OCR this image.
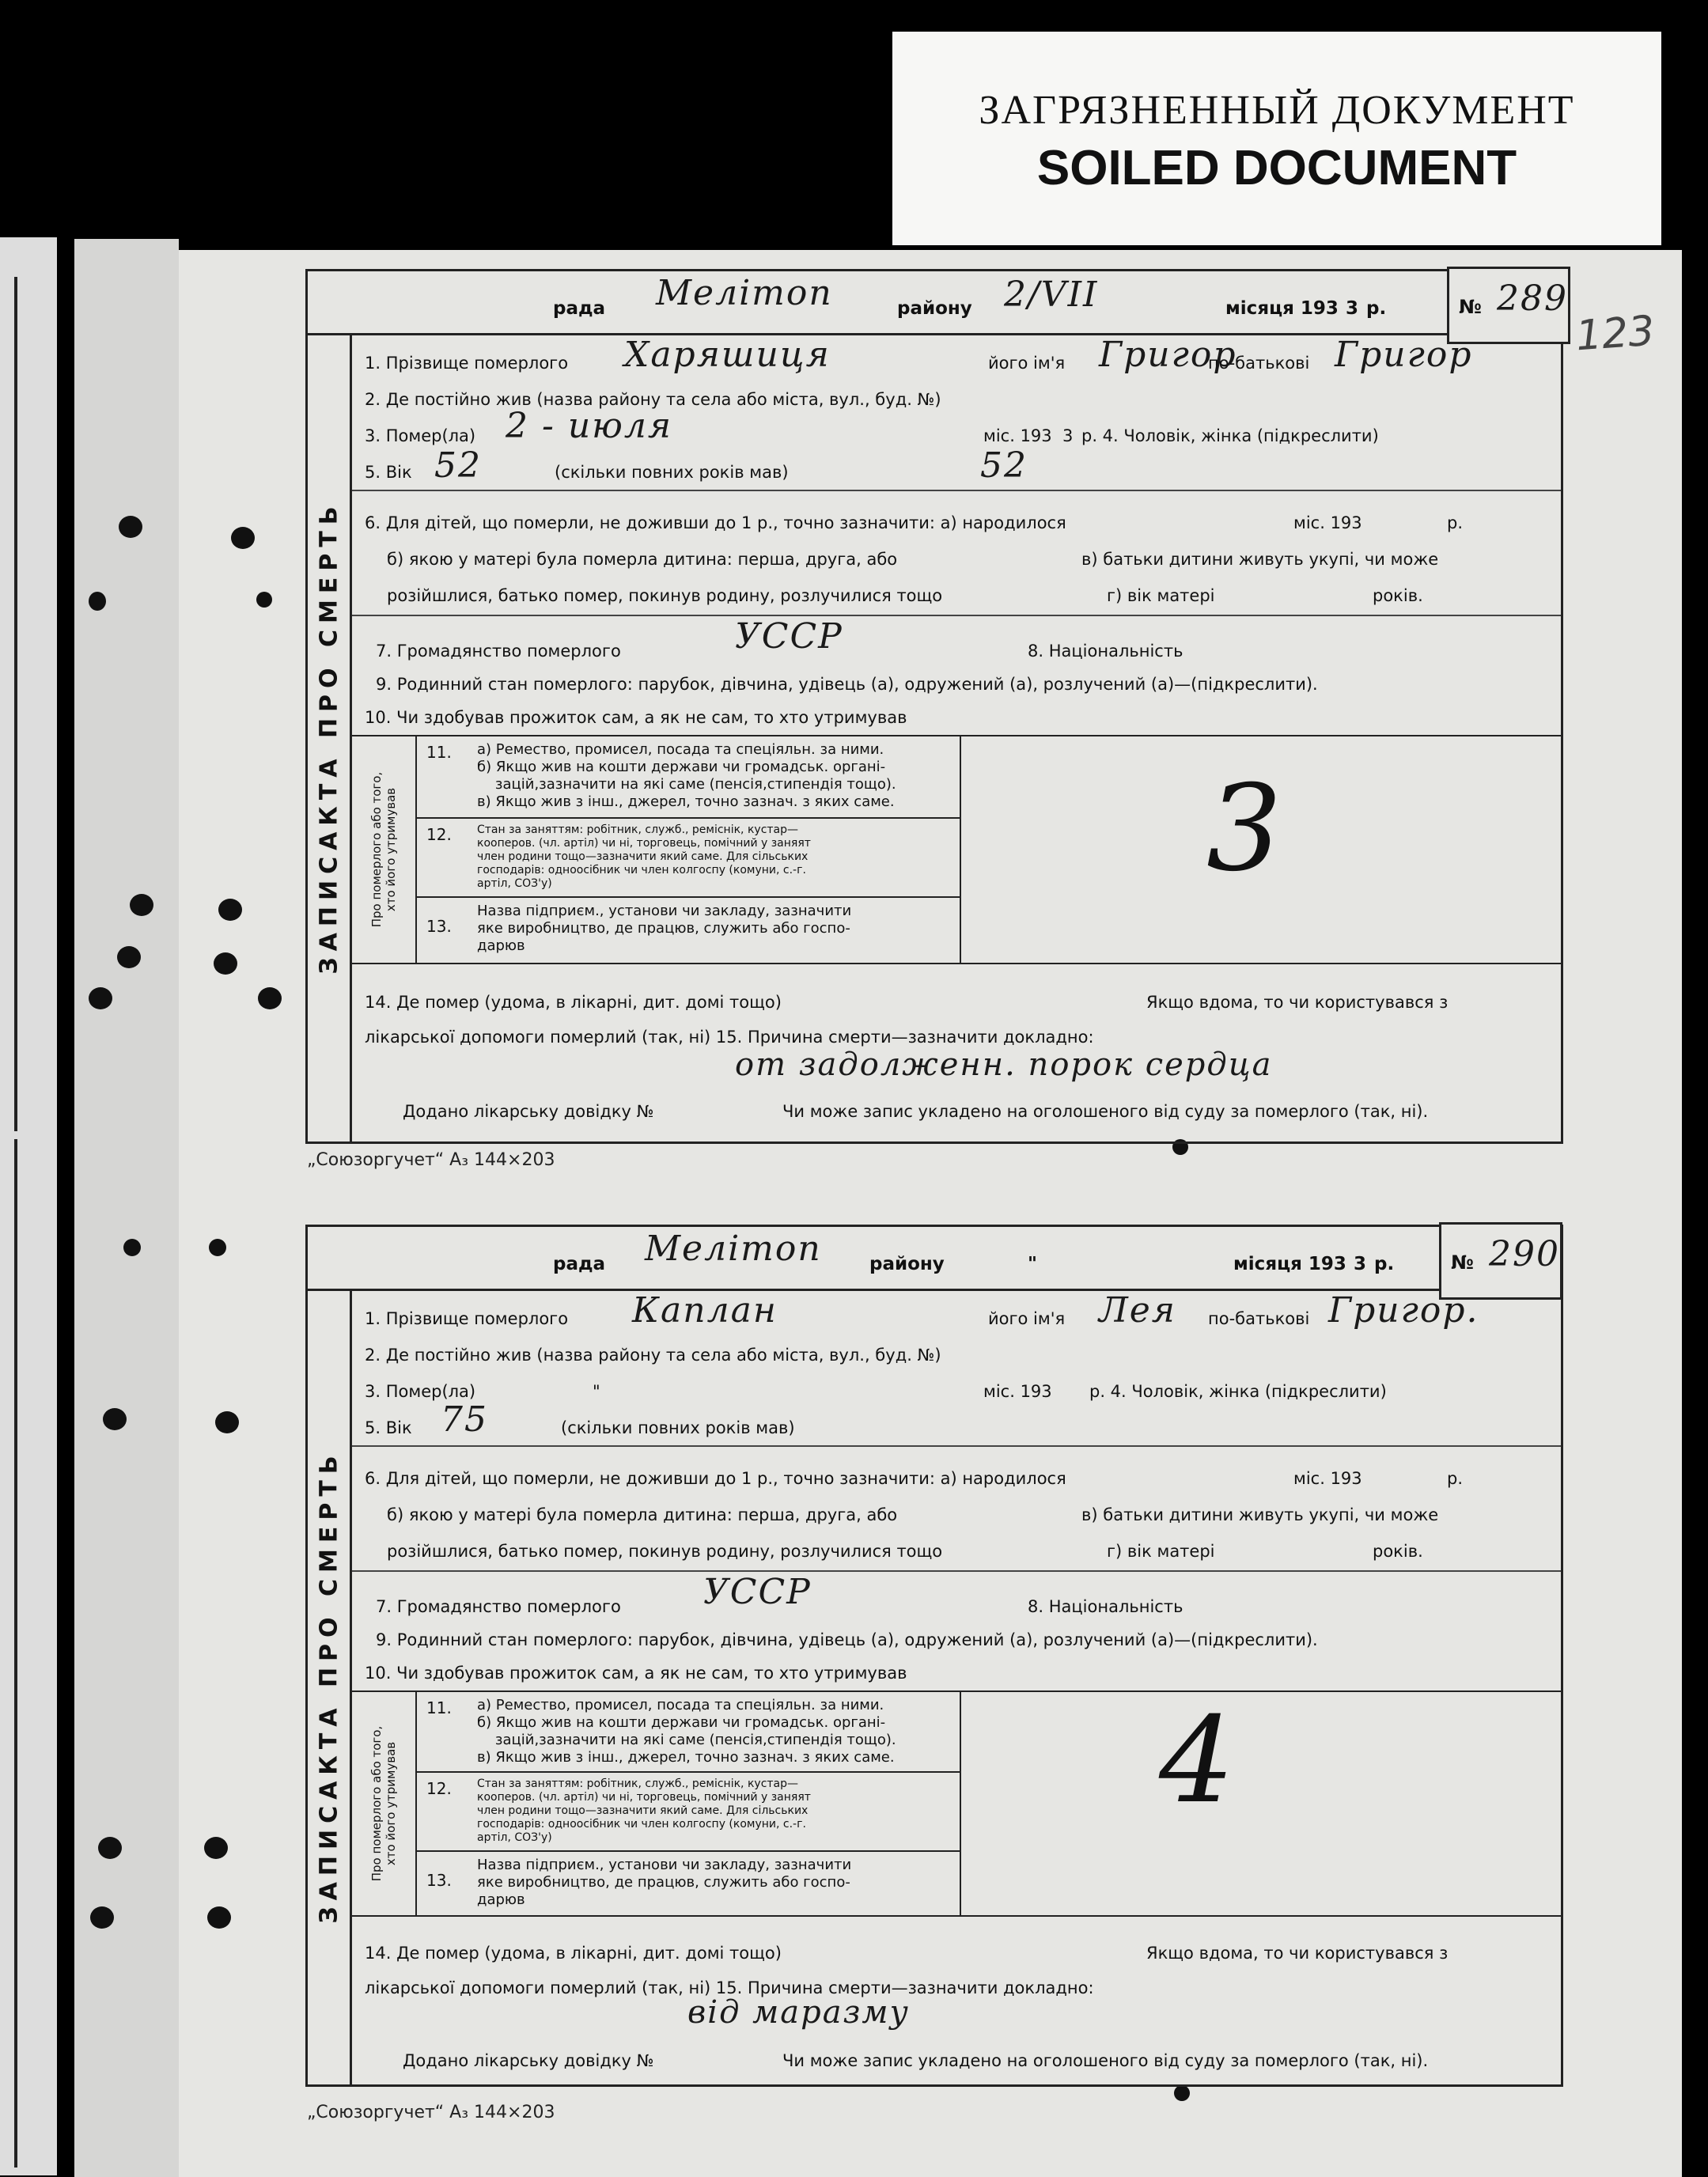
ЗАГРЯЗНЕННЫЙ ДОКУМЕНТ
SOILED DOCUMENT
123
рада Мелітоп	району 2/VII	місяця 193 3 р.	№ 289
ЗАПИСАКТА ПРО СМЕРТЬ
1. Прізвище померлого Харяшиця	його ім'я Григор
по-батькові Григор
2. Де постійно жив (назва району та села або міста, вул., буд. №)
3. Помер(ла) 2 - июля	міс. 193 3 р. 4. Чоловік, жінка (підкреслити)
5. Вік 52	(скільки повних років мав)	52
6. Для дітей, що померли, не доживши до 1 р., точно зазначити: а) народилося	міс. 193	р.
б) якою у матері була померла дитина: перша, друга, або	в) батьки дитини живуть укупі, чи може
розійшлися, батько помер, покинув родину, розлучилися тощо	г) вік матері	років.
7. Громадянство померлого	УССР	8. Національність
9. Родинний стан померлого: парубок, дівчина, удівець (а), одружений (а), розлучений (а)—(підкреслити).
10. Чи здобував прожиток сам, а як не сам, то хто утримував
Про померлого або того,
хто його утримував
11. а) Ремество, промисел, посада та спеціяльн. за ними.
б) Якщо жив на кошти держави чи громадськ. органі-
зацій,зазначити на які саме (пенсія,стипендія тощо).
в) Якщо жив з інш., джерел, точно зазнач. з яких саме.
12. Стан за заняттям: робітник, служб., реміснік, кустар—
кооперов. (чл. артіл) чи ні, торговець, помічний у заняят
член родини тощо—зазначити який саме. Для сільських
господарів: одноосібник чи член колгоспу (комуни, с.-г.
артіл, СОЗ'у)
13.
Назва підприєм., установи чи закладу, зазначити
яке виробництво, де працюв, служить або госпо-
дарюв
3
14. Де помер (удома, в лікарні, дит. домі тощо)	Якщо вдома, то чи користувався з
лікарської допомоги померлий (так, ні) 15. Причина смерти—зазначити докладно:
от задолженн. порок сердца
Додано лікарську довідку №	Чи може запис укладено на оголошеного від суду за померлого (так, ні).
„Союзоргучет“ A₃ 144×203
рада Мелітоп	району	"	місяця 193 3 р.	№ 290
ЗАПИСАКТА ПРО СМЕРТЬ
1. Прізвище померлого Каплан	його ім'я Лея по-батькові Григор.
2. Де постійно жив (назва району та села або міста, вул., буд. №)
3. Помер(ла)	"	міс. 193 р. 4. Чоловік, жінка (підкреслити)
5. Вік 75	(скільки повних років мав)
6. Для дітей, що померли, не доживши до 1 р., точно зазначити: а) народилося	міс. 193	р.
б) якою у матері була померла дитина: перша, друга, або	в) батьки дитини живуть укупі, чи може
розійшлися, батько помер, покинув родину, розлучилися тощо	г) вік матері	років.
7. Громадянство померлого УССР	8. Національність
9. Родинний стан померлого: парубок, дівчина, удівець (а), одружений (а), розлучений (а)—(підкреслити).
10. Чи здобував прожиток сам, а як не сам, то хто утримував
Про померлого або того,
хто його утримував
11. а) Ремество, промисел, посада та спеціяльн. за ними.
б) Якщо жив на кошти держави чи громадськ. органі-
зацій,зазначити на які саме (пенсія,стипендія тощо).
в) Якщо жив з інш., джерел, точно зазнач. з яких саме.
12. Стан за заняттям: робітник, служб., реміснік, кустар—
кооперов. (чл. артіл) чи ні, торговець, помічний у заняят
член родини тощо—зазначити який саме. Для сільських
господарів: одноосібник чи член колгоспу (комуни, с.-г.
артіл, СОЗ'у)
13.
Назва підприєм., установи чи закладу, зазначити
яке виробництво, де працюв, служить або госпо-
дарюв
4
14. Де помер (удома, в лікарні, дит. домі тощо)	Якщо вдома, то чи користувався з
лікарської допомоги померлий (так, ні) 15. Причина смерти—зазначити докладно:
від маразму
Додано лікарську довідку №	Чи може запис укладено на оголошеного від суду за померлого (так, ні).
„Союзоргучет“ A₃ 144×203
